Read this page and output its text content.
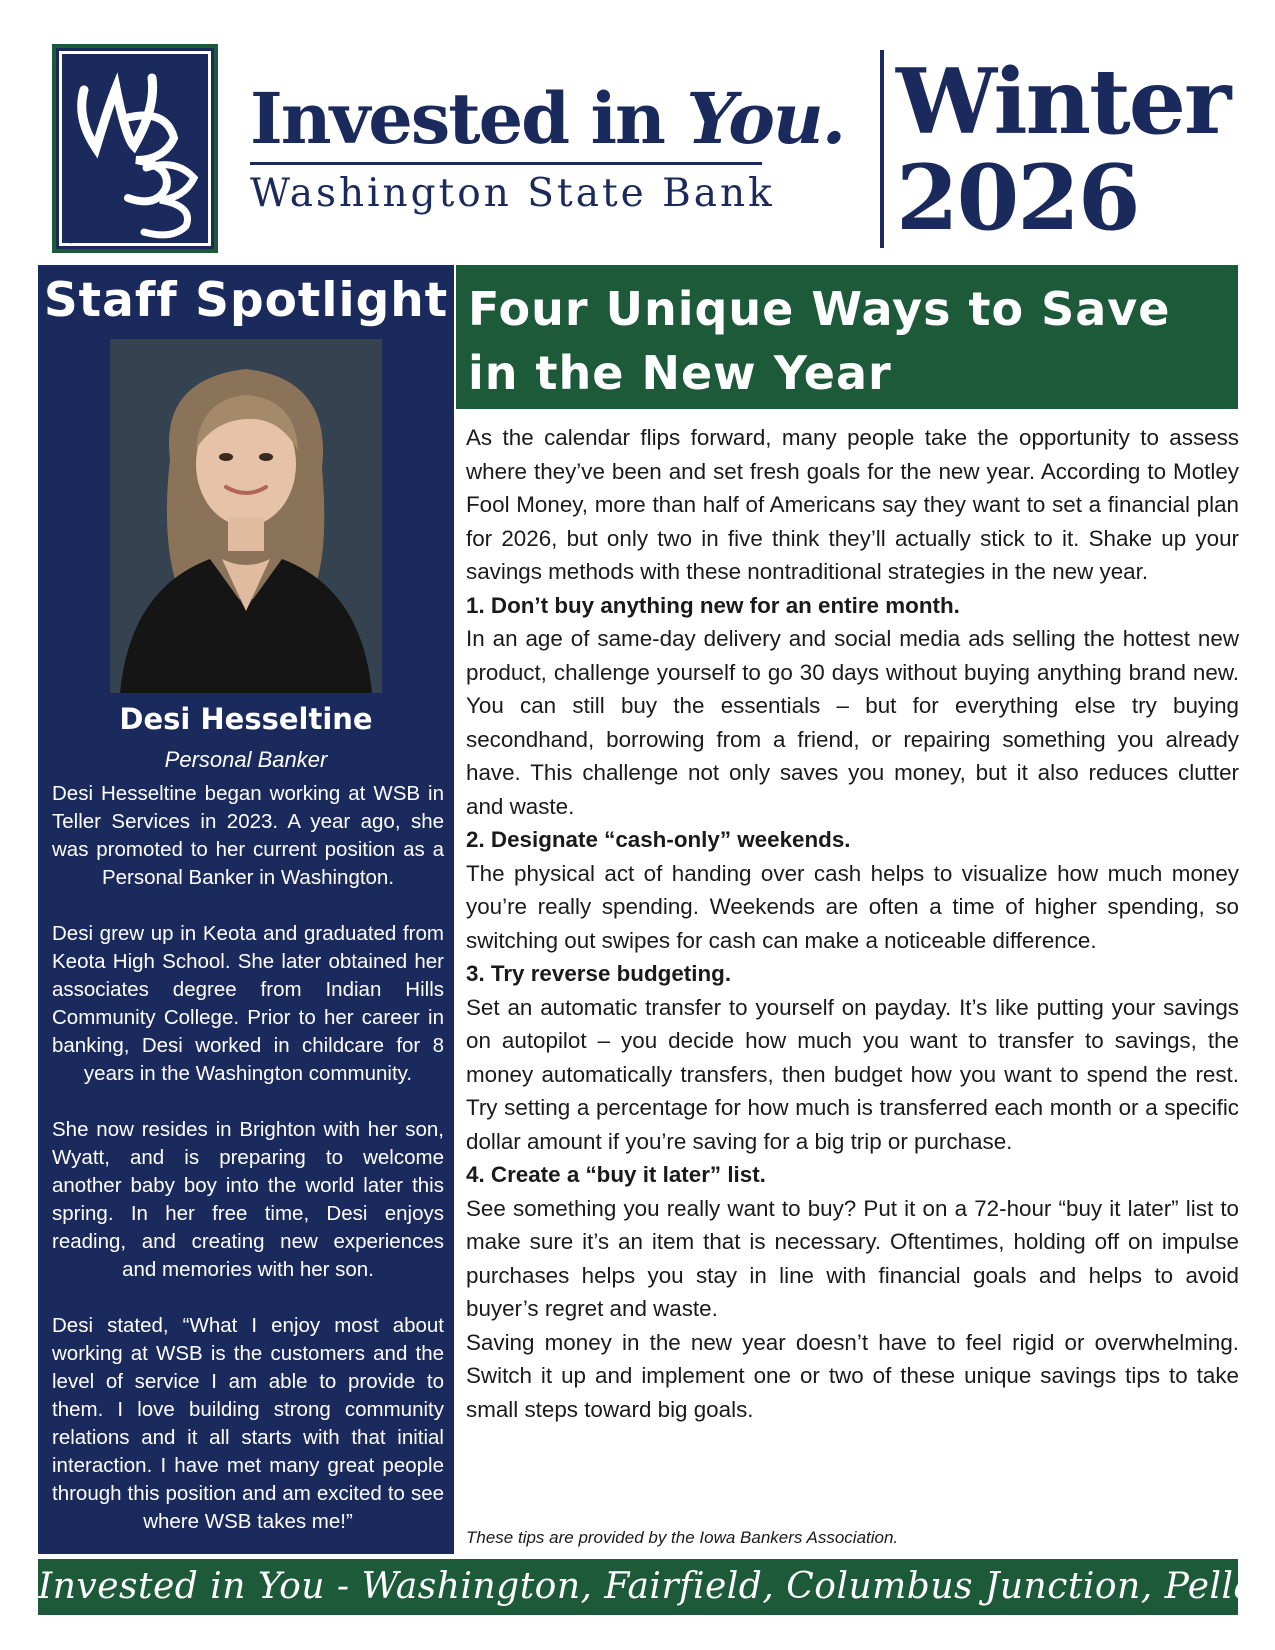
WSB
Invested in You.
Washington State Bank
Winter
2026
Staff Spotlight
Desi Hesseltine
Personal Banker

Desi Hesseltine began working at WSB in Teller Services in 2023. A year ago, she was promoted to her current position as a Personal Banker in Washington.

Desi grew up in Keota and graduated from Keota High School. She later obtained her associates degree from Indian Hills Community College. Prior to her career in banking, Desi worked in childcare for 8 years in the Washington community.

She now resides in Brighton with her son, Wyatt, and is preparing to welcome another baby boy into the world later this spring. In her free time, Desi enjoys reading, and creating new experiences and memories with her son.

Desi stated, “What I enjoy most about working at WSB is the customers and the level of service I am able to provide to them. I love building strong community relations and it all starts with that initial interaction. I have met many great people through this position and am excited to see where WSB takes me!”

Four Unique Ways to Save in the New Year

As the calendar flips forward, many people take the opportunity to assess where they’ve been and set fresh goals for the new year. According to Motley Fool Money, more than half of Americans say they want to set a financial plan for 2026, but only two in five think they’ll actually stick to it. Shake up your savings methods with these nontraditional strategies in the new year.

1. Don’t buy anything new for an entire month.

In an age of same-day delivery and social media ads selling the hottest new product, challenge yourself to go 30 days without buying anything brand new. You can still buy the essentials – but for everything else try buying secondhand, borrowing from a friend, or repairing something you already have. This challenge not only saves you money, but it also reduces clutter and waste.

2. Designate “cash-only” weekends.

The physical act of handing over cash helps to visualize how much money you’re really spending. Weekends are often a time of higher spending, so switching out swipes for cash can make a noticeable difference.

3. Try reverse budgeting.

Set an automatic transfer to yourself on payday. It’s like putting your savings on autopilot – you decide how much you want to transfer to savings, the money automatically transfers, then budget how you want to spend the rest. Try setting a percentage for how much is transferred each month or a specific dollar amount if you’re saving for a big trip or purchase.

4. Create a “buy it later” list.

See something you really want to buy? Put it on a 72-hour “buy it later” list to make sure it’s an item that is necessary. Oftentimes, holding off on impulse purchases helps you stay in line with financial goals and helps to avoid buyer’s regret and waste.

Saving money in the new year doesn’t have to feel rigid or overwhelming. Switch it up and implement one or two of these unique savings tips to take small steps toward big goals.

These tips are provided by the Iowa Bankers Association.
Invested in You - Washington, Fairfield, Columbus Junction, Pella
